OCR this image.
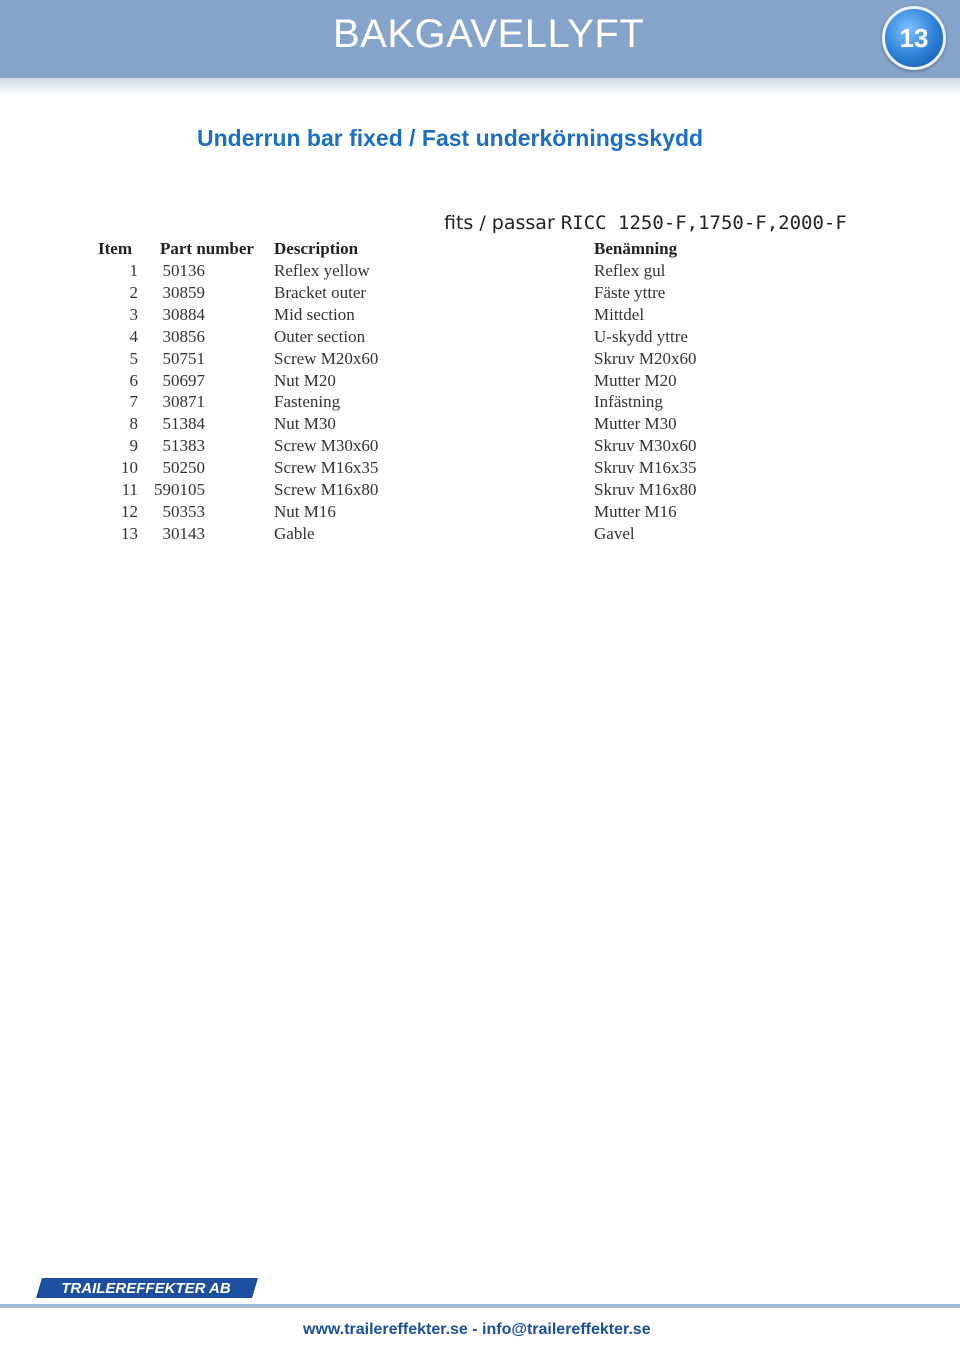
BAKGAVELLYFT	13
Underrun bar fixed / Fast underkörningsskydd
fits / passar RICC 1250-F,1750-F,2000-F
Item Part number Description	Benämning
1 50136	Reflex yellow	Reflex gul
2 30859	Bracket outer	Fäste yttre
3 30884	Mid section	Mittdel
4 30856	Outer section	U-skydd yttre
5 50751	Screw M20x60	Skruv M20x60
6 50697	Nut M20	Mutter M20
7 30871	Fastening	Infästning
8 51384	Nut M30	Mutter M30
9 51383	Screw M30x60	Skruv M30x60
10 50250	Screw M16x35	Skruv M16x35
11 590105	Screw M16x80	Skruv M16x80
12 50353	Nut M16	Mutter M16
13 30143	Gable	Gavel
TRAILEREFFEKTER AB
www.trailereffekter.se - info@trailereffekter.se
